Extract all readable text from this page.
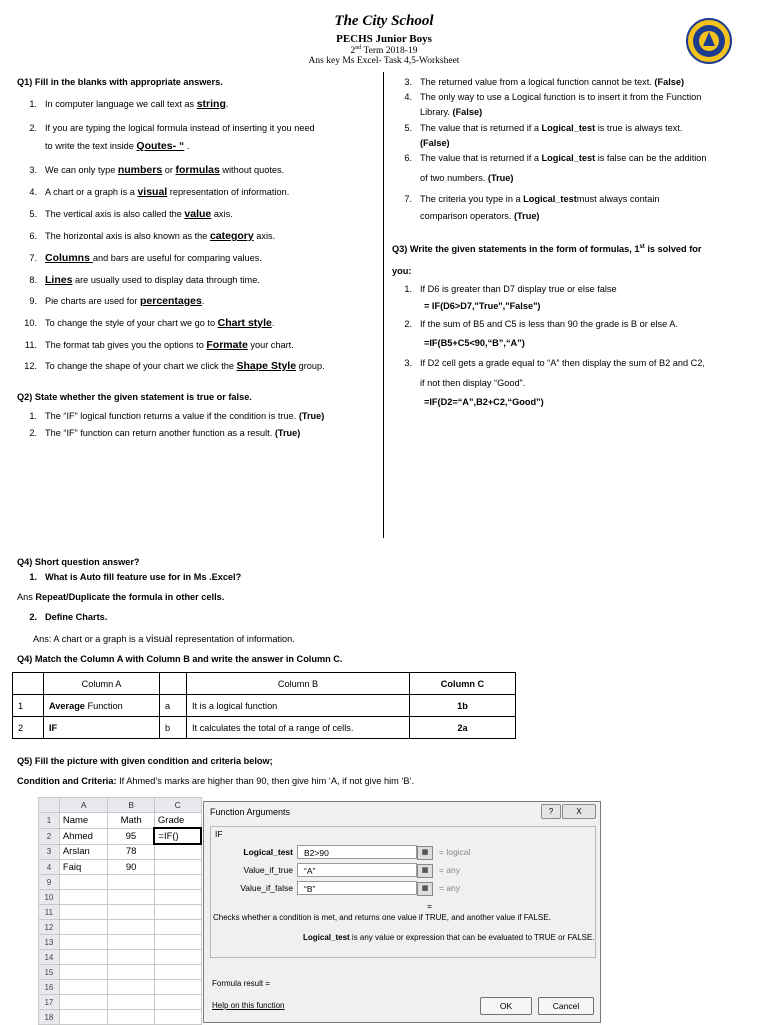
The City School
PECHS Junior Boys
2nd Term 2018-19
Ans key Ms Excel- Task 4,5-Worksheet
Q1) Fill in the blanks with appropriate answers.
Q2) State whether the given statement is true or false.
Q3) Write the given statements in the form of formulas, 1st is solved for
you:
Q4) Short question answer?
1. What is Auto fill feature use for in Ms .Excel?
Ans Repeat/Duplicate the formula in other cells.
2. Define Charts.
Ans: A chart or a graph is a visual representation of information.
Q4) Match the Column A with Column B and write the answer in Column C.
	Column A		Column B	Column C
1	Average Function	a	It is a logical function	1b
2	IF	b	It calculates the total of a range of cells.	2a
Q5) Fill the picture with given condition and criteria below;
Condition and Criteria: If Ahmed’s marks are higher than 90, then give him ‘A, if not give him ‘B’.
	A	B	C
1	Name	Math	Grade
2	Ahmed	95	=IF()
3	Arslan	78	
4	Faiq	90	
9			
10			
11			
12			
13			
14			
15			
16			
17			
18			
Function Arguments	?	X
IF
Logical_test	B2>90	▦	= logical
Value_if_true	“A”	▦	= any
Value_if_false	“B”	▦	= any
=
Checks whether a condition is met, and returns one value if TRUE, and another value if FALSE.
Logical_test is any value or expression that can be evaluated to TRUE or FALSE.
Formula result =
Help on this function	OK	Cancel
1. In computer language we call text as string.
2. If you are typing the logical formula instead of inserting it you need
to write the text inside Qoutes- “ .
3. We can only type numbers or formulas without quotes.
4. A chart or a graph is a visual representation of information.
5. The vertical axis is also called the value axis.
6. The horizontal axis is also known as the category axis.
7. Columns and bars are useful for comparing values.
8. Lines are usually used to display data through time.
9. Pie charts are used for percentages.
10. To change the style of your chart we go to Chart style.
11. The format tab gives you the options to Formate your chart.
12. To change the shape of your chart we click the Shape Style group.
1. The “IF” logical function returns a value if the condition is true. (True)
2. The “IF” function can return another function as a result. (True)
3. The returned value from a logical function cannot be text. (False)
4. The only way to use a Logical function is to insert it from the Function
Library. (False)
5. The value that is returned if a Logical_test is true is always text.
(False)
6. The value that is returned if a Logical_test is false can be the addition
of two numbers. (True)
7. The criteria you type in a Logical_testmust always contain
comparison operators. (True)
1. If D6 is greater than D7 display true or else false
= IF(D6>D7,"True","False")
2. If the sum of B5 and C5 is less than 90 the grade is B or else A.
=IF(B5+C5<90,“B”,“A”)
3. If D2 cell gets a grade equal to “A” then display the sum of B2 and C2,
if not then display “Good”.
=IF(D2=“A”,B2+C2,“Good”)
